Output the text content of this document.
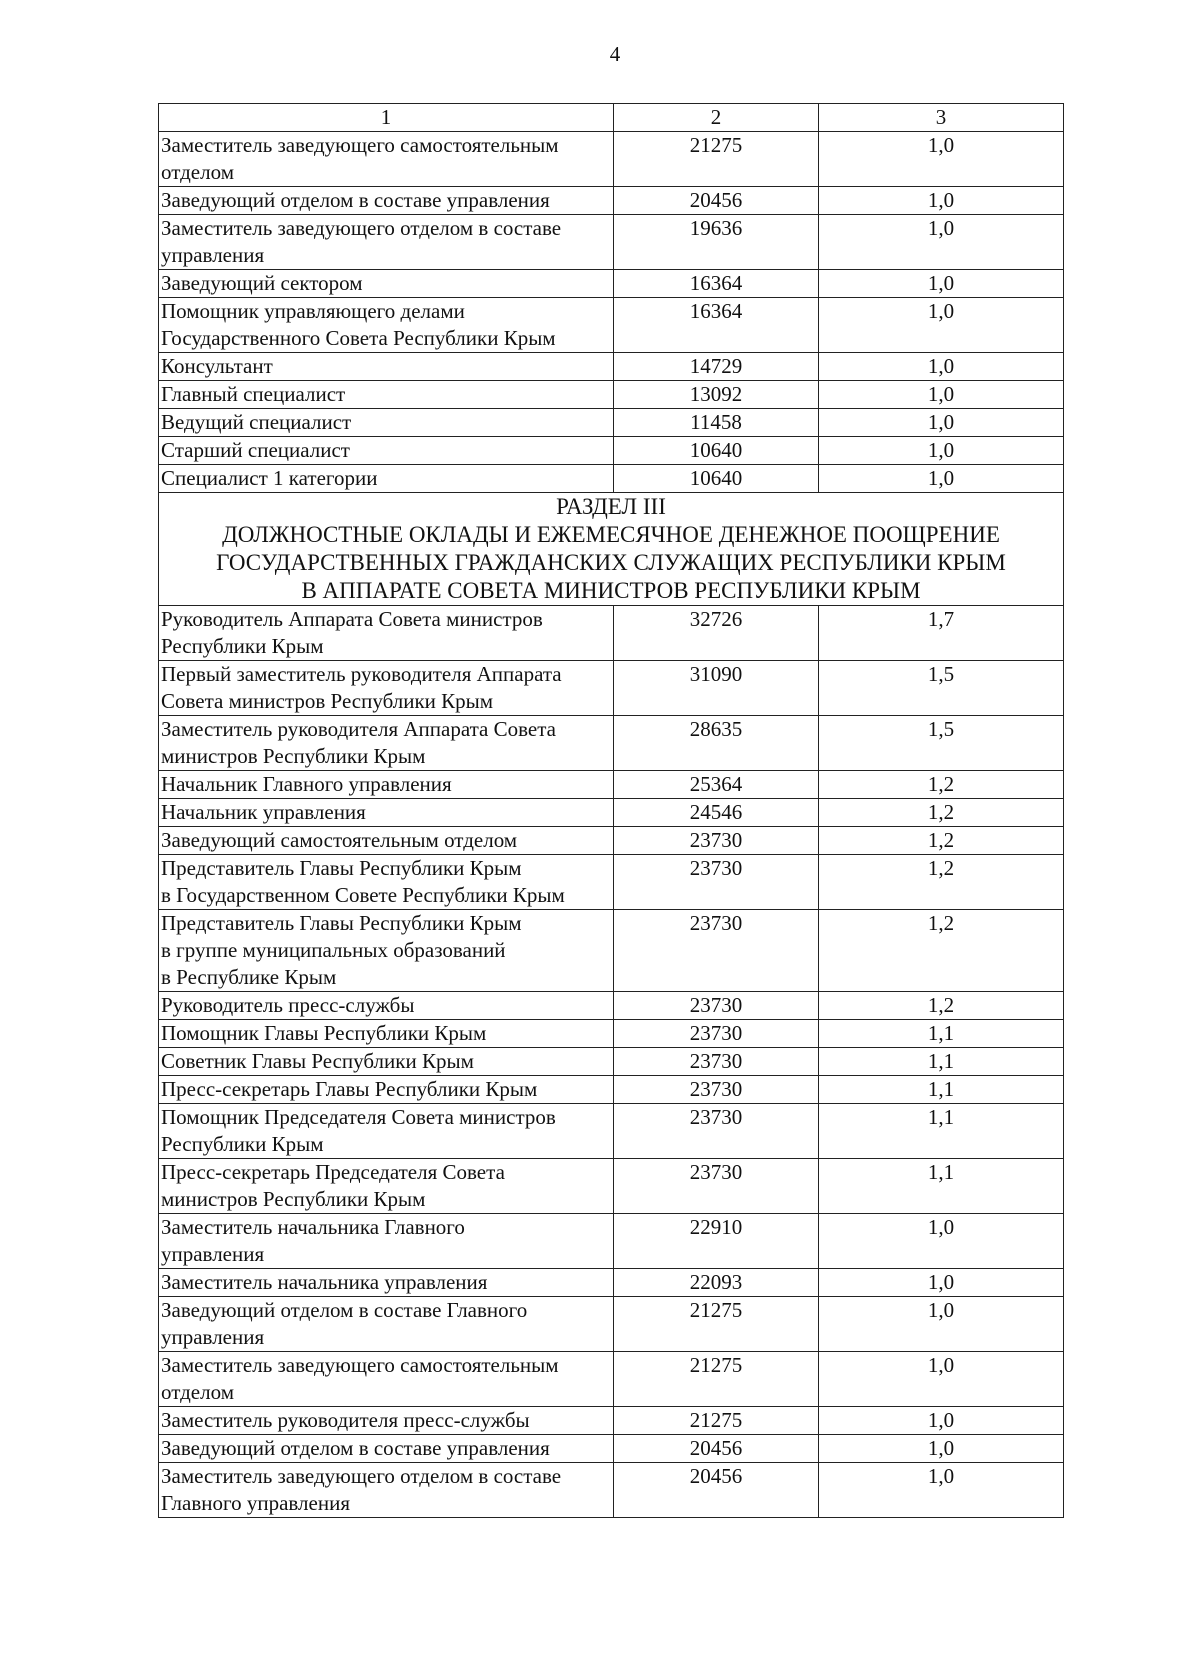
4
1	2	3

Заместитель заведующего самостоятельным
отделом	21275	1,0

Заведующий отделом в составе управления	20456	1,0

Заместитель заведующего отделом в составе
управления	19636	1,0

Заведующий сектором	16364	1,0

Помощник управляющего делами
Государственного Совета Республики Крым	16364	1,0

Консультант	14729	1,0

Главный специалист	13092	1,0

Ведущий специалист	11458	1,0

Старший специалист	10640	1,0

Специалист 1 категории	10640	1,0

РАЗДЕЛ III
ДОЛЖНОСТНЫЕ ОКЛАДЫ И ЕЖЕМЕСЯЧНОЕ ДЕНЕЖНОЕ ПООЩРЕНИЕ
ГОСУДАРСТВЕННЫХ ГРАЖДАНСКИХ СЛУЖАЩИХ РЕСПУБЛИКИ КРЫМ
В АППАРАТЕ СОВЕТА МИНИСТРОВ РЕСПУБЛИКИ КРЫМ		

Руководитель Аппарата Совета министров
Республики Крым	32726	1,7

Первый заместитель руководителя Аппарата
Совета министров Республики Крым	31090	1,5

Заместитель руководителя Аппарата Совета
министров Республики Крым	28635	1,5

Начальник Главного управления	25364	1,2

Начальник управления	24546	1,2

Заведующий самостоятельным отделом	23730	1,2

Представитель Главы Республики Крым
в Государственном Совете Республики Крым	23730	1,2

Представитель Главы Республики Крым
в группе муниципальных образований
в Республике Крым	23730	1,2

Руководитель пресс-службы	23730	1,2

Помощник Главы Республики Крым	23730	1,1

Советник Главы Республики Крым	23730	1,1

Пресс-секретарь Главы Республики Крым	23730	1,1

Помощник Председателя Совета министров
Республики Крым	23730	1,1

Пресс-секретарь Председателя Совета
министров Республики Крым	23730	1,1

Заместитель начальника Главного
управления	22910	1,0

Заместитель начальника управления	22093	1,0

Заведующий отделом в составе Главного
управления	21275	1,0

Заместитель заведующего самостоятельным
отделом	21275	1,0

Заместитель руководителя пресс-службы	21275	1,0

Заведующий отделом в составе управления	20456	1,0

Заместитель заведующего отделом в составе
Главного управления	20456	1,0
